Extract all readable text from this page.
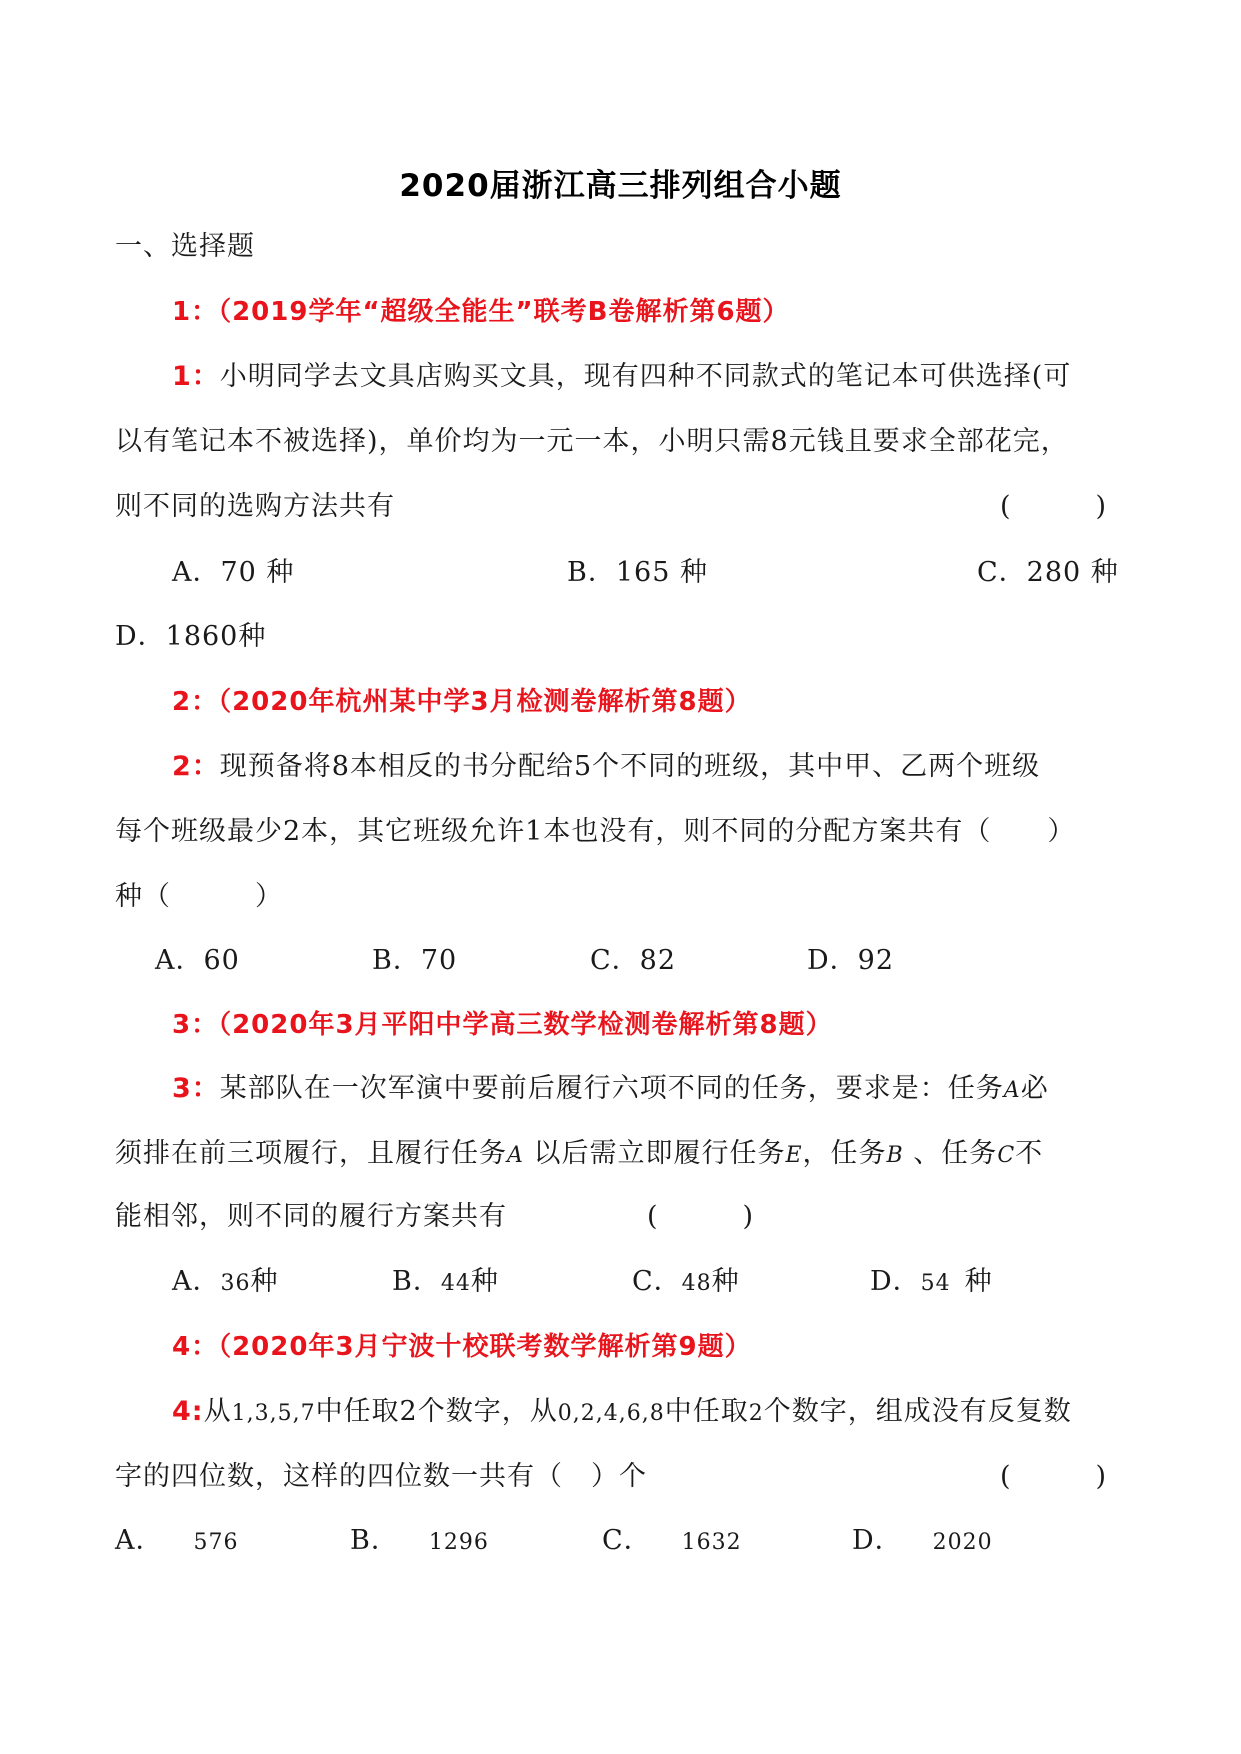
2020届浙江高三排列组合小题
一、选择题
1：（2019学年“超级全能生”联考B卷解析第6题）
1：小明同学去文具店购买文具，现有四种不同款式的笔记本可供选择(可
以有笔记本不被选择)，单价均为一元一本，小明只需8元钱且要求全部花完，
则不同的选购方法共有	(　　　)
A．70 种	B．165 种	C．280 种
D．1860种
2：（2020年杭州某中学3月检测卷解析第8题）
2：现预备将8本相反的书分配给5个不同的班级，其中甲、乙两个班级
每个班级最少2本，其它班级允许1本也没有，则不同的分配方案共有（　　）
种（　　　）
A．60	B．70	C．82	D．92
3：（2020年3月平阳中学高三数学检测卷解析第8题）
3：某部队在一次军演中要前后履行六项不同的任务，要求是：任务A必
须排在前三项履行，且履行任务A 以后需立即履行任务E，任务B 、任务C不
能相邻，则不同的履行方案共有	(　　　)
A．36种	B．44种	C．48种	D．54 种
4：（2020年3月宁波十校联考数学解析第9题）
4:从1,3,5,7中任取2个数字，从0,2,4,6,8中任取2个数字，组成没有反复数
字的四位数，这样的四位数一共有（　）个	(　　　)
A． 576	B． 1296	C． 1632	D． 2020
